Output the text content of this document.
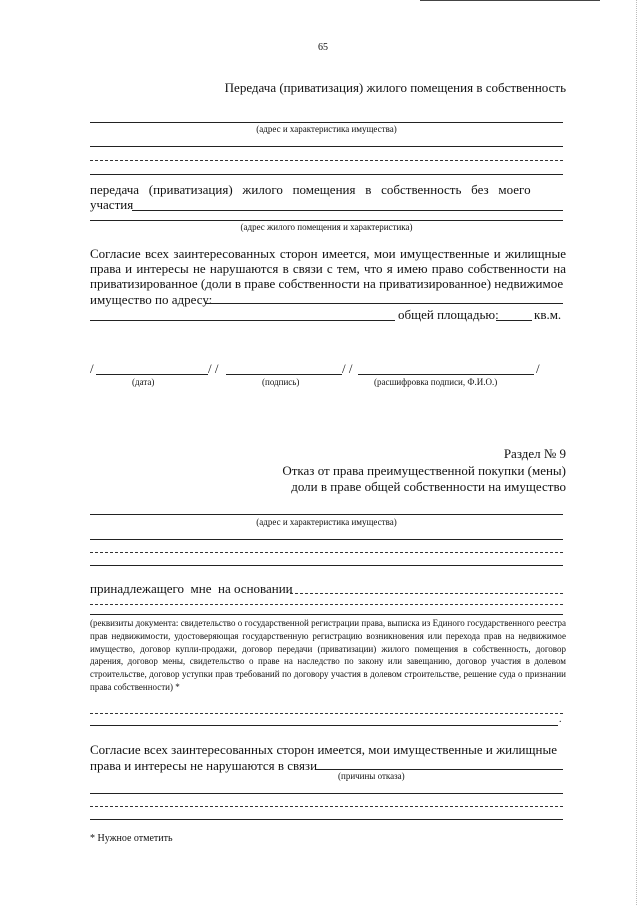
65
Передача (приватизация) жилого помещения в собственность
(адрес и характеристика имущества)
передача   (приватизация)   жилого   помещения   в   собственность   без   моего
участия
(адрес жилого помещения и характеристика)
Согласие всех заинтересованных сторон имеется, мои имущественные и жилищные права и интересы не нарушаются в связи с тем, что я имею право собственности на приватизированное (доли в праве собственности на приватизированное) недвижимое
имущество по адресу:
общей площадью:	кв.м.
/	/ /	/ /	/
(дата)	(подпись)	(расшифровка подписи, Ф.И.О.)
Раздел № 9
Отказ от права преимущественной покупки (мены)
доли в праве общей собственности на имущество
(адрес и характеристика имущества)
принадлежащего  мне  на основании
(реквизиты документа: свидетельство о государственной регистрации права, выписка из Единого государственного реестра прав недвижимости, удостоверяющая государственную регистрацию возникновения или перехода прав на недвижимое имущество, договор купли-продажи, договор передачи (приватизации) жилого помещения в собственность, договор дарения, договор мены, свидетельство о праве на наследство по закону или завещанию, договор участия в долевом строительстве, договор уступки прав требований по договору участия в долевом строительстве, решение суда о признании права собственности) *
.
Согласие всех заинтересованных сторон имеется, мои имущественные и жилищные
права и интересы не нарушаются в связи
(причины отказа)
* Нужное отметить
